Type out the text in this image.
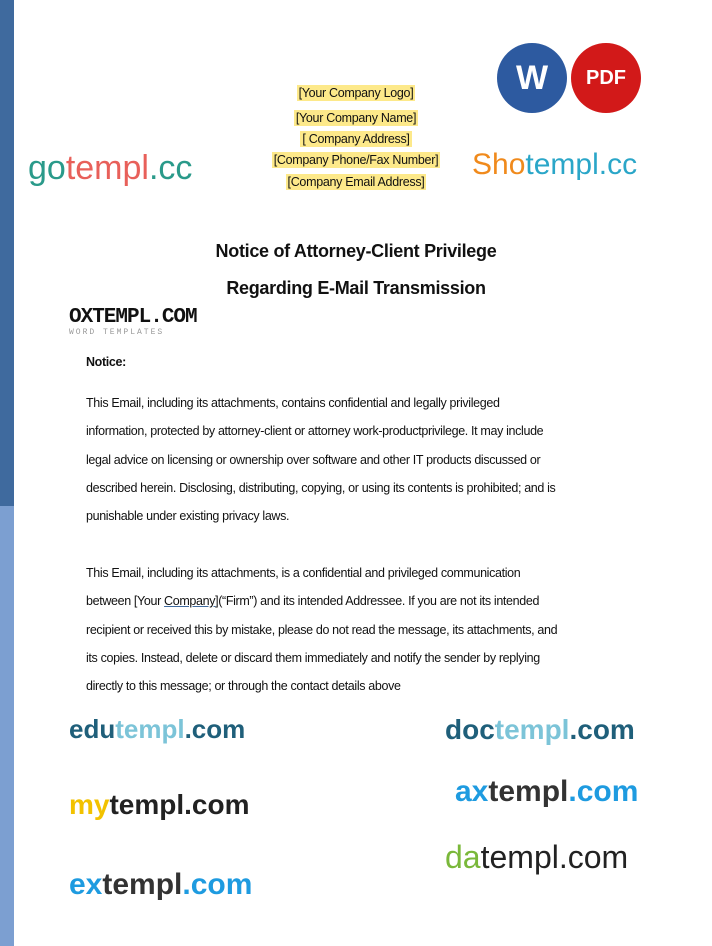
W PDF
[Your Company Logo]
[Your Company Name]
[ Company Address]
[Company Phone/Fax Number]
[Company Email Address]
Notice of Attorney-Client Privilege
Regarding E-Mail Transmission
Notice:
This Email, including its attachments, contains confidential and legally privileged
information, protected by attorney-client or attorney work-productprivilege. It may include
legal advice on licensing or ownership over software and other IT products discussed or
described herein. Disclosing, distributing, copying, or using its contents is prohibited; and is
punishable under existing privacy laws.
This Email, including its attachments, is a confidential and privileged communication
between [Your Company](“Firm”) and its intended Addressee. If you are not its intended
recipient or received this by mistake, please do not read the message, its attachments, and
its copies. Instead, delete or discard them immediately and notify the sender by replying
directly to this message; or through the contact details above
gotempl.cc
OXTEMPL.COM
WORD TEMPLATES
Shotempl.cc
datempl.com
mytempl.com
doctempl.com
edutempl.com
axtempl.com
extempl.com
